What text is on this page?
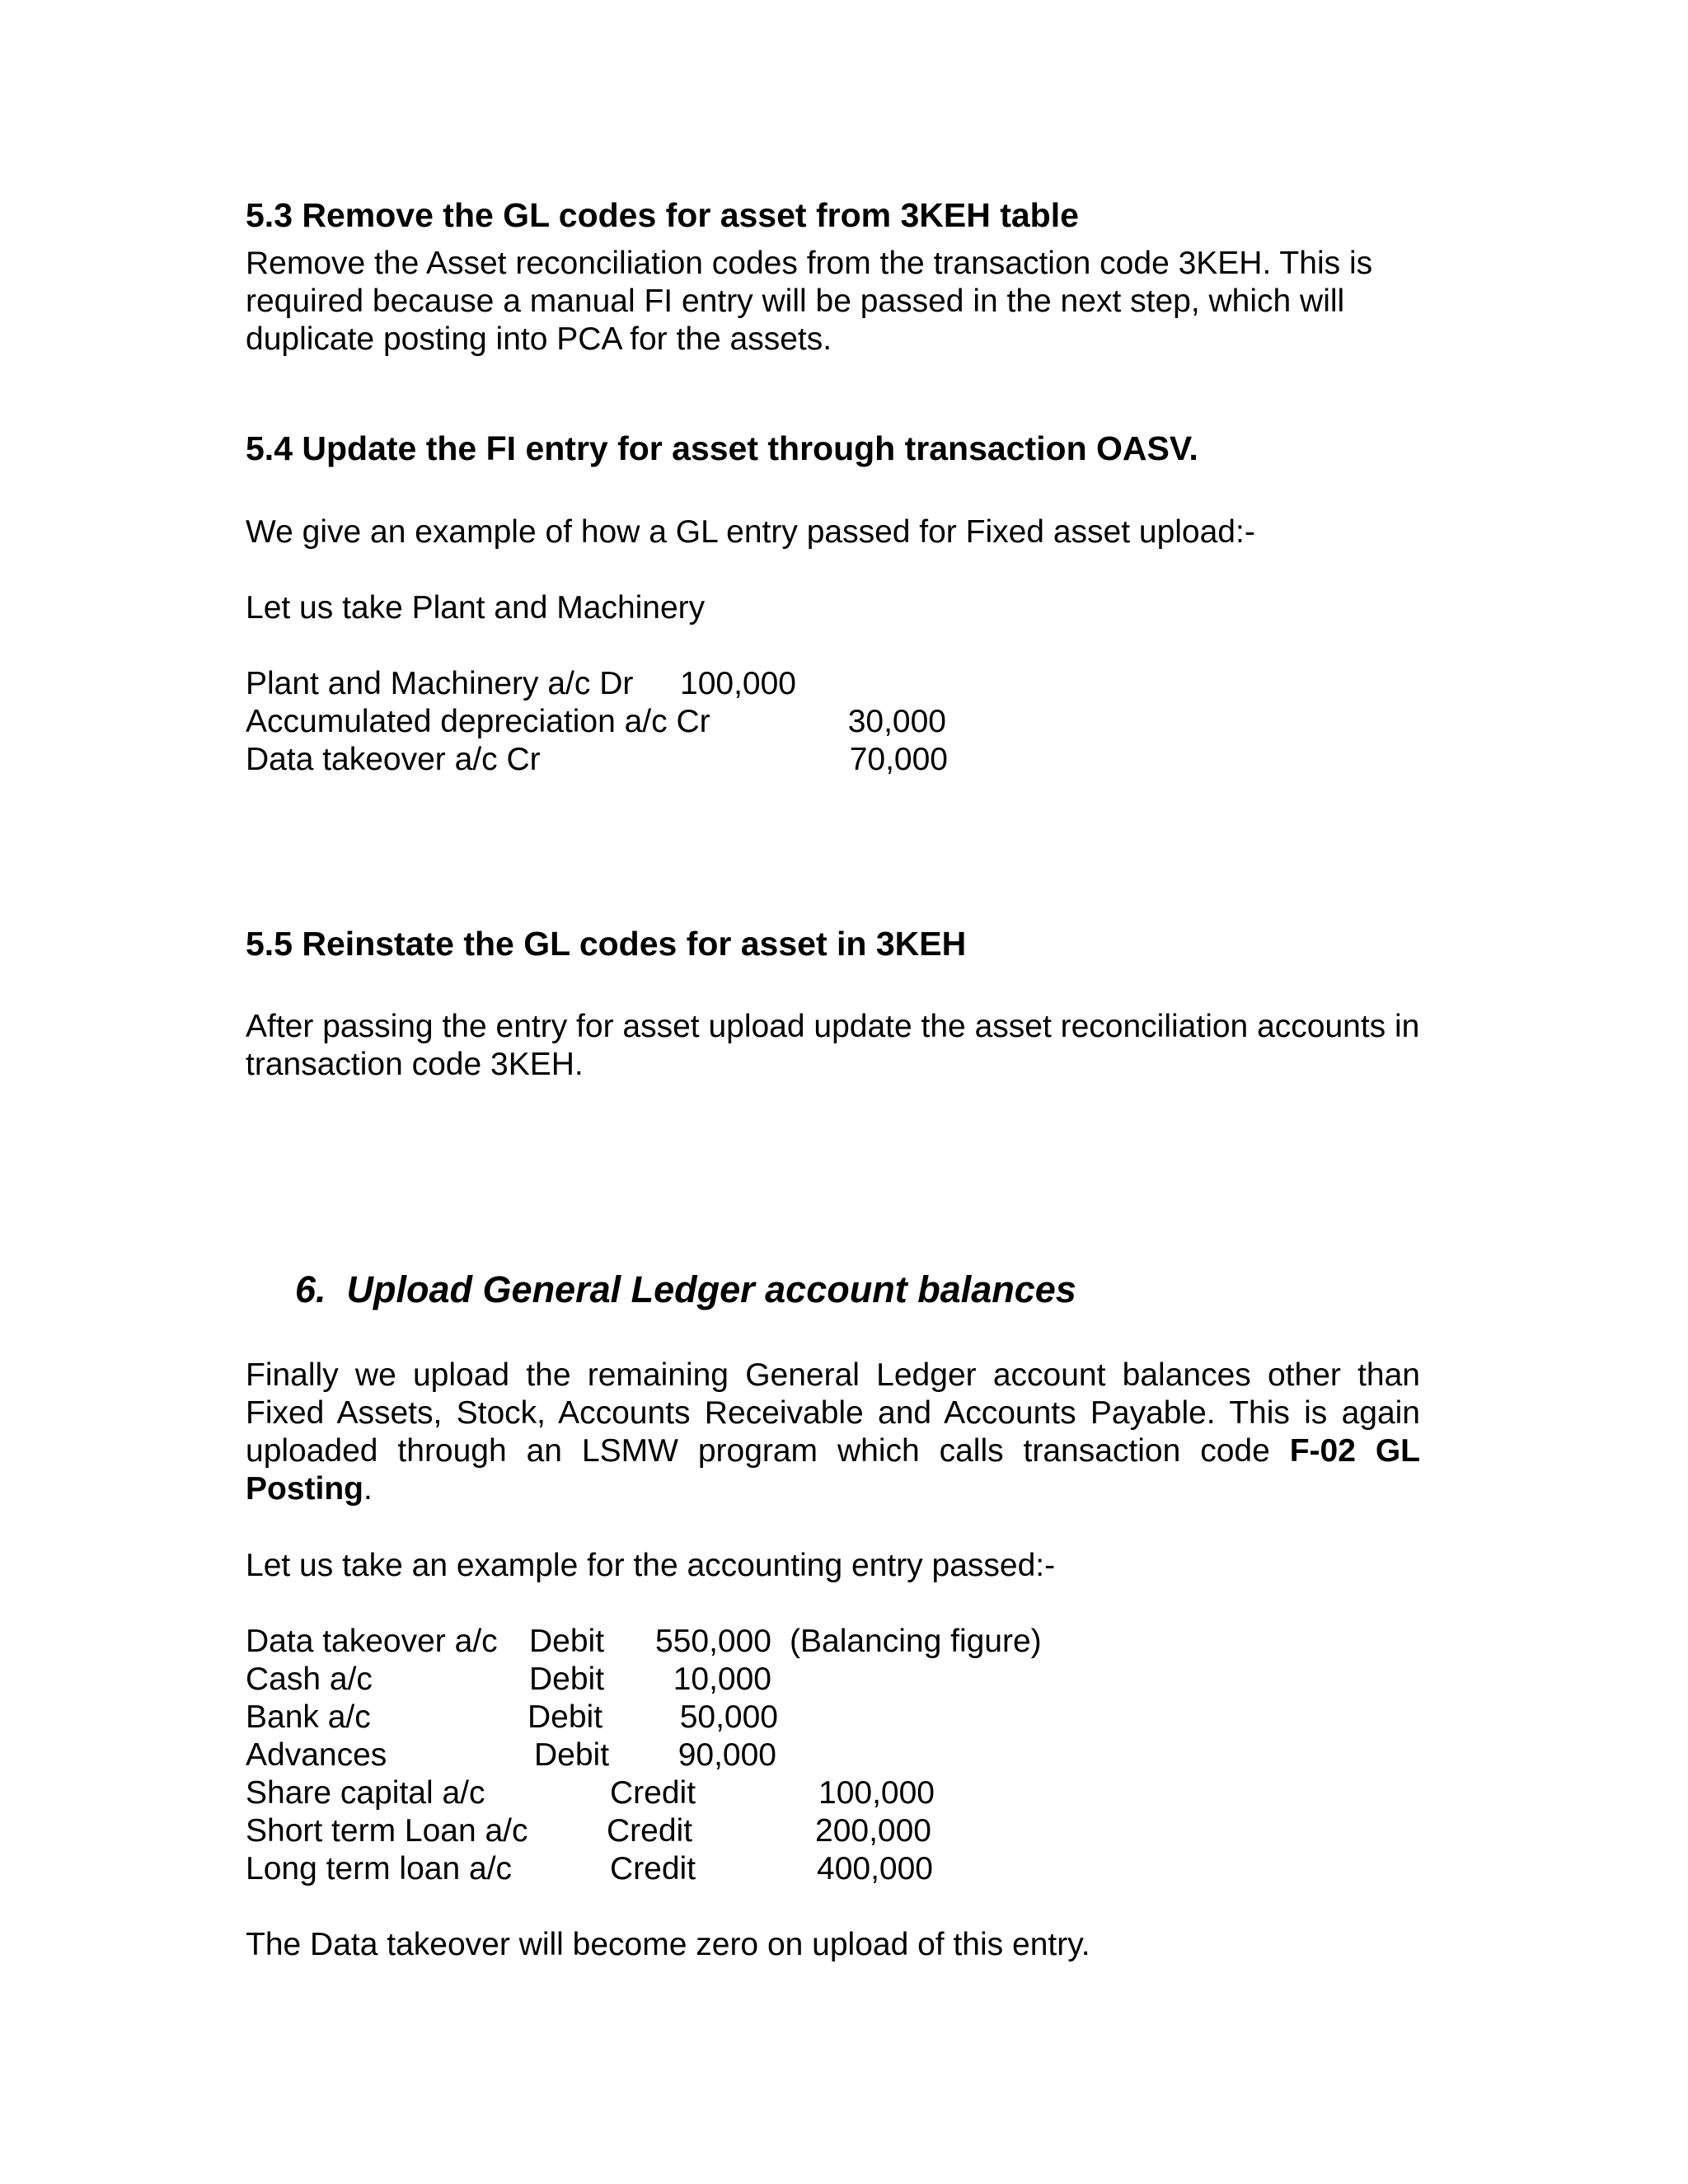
5.3 Remove the GL codes for asset from 3KEH table

Remove the Asset reconciliation codes from the transaction code 3KEH. This is required because a manual FI entry will be passed in the next step, which will duplicate posting into PCA for the assets.

5.4 Update the FI entry for asset through transaction OASV.

We give an example of how a GL entry passed for Fixed asset upload:-

Let us take Plant and Machinery

Plant and Machinery a/c Dr	100,000
Accumulated depreciation a/c Cr	30,000
Data takeover a/c Cr	70,000
5.5 Reinstate the GL codes for asset in 3KEH

After passing the entry for asset upload update the asset reconciliation accounts in transaction code 3KEH.

6. Upload General Ledger account balances

Finally we upload the remaining General Ledger account balances other than Fixed Assets, Stock, Accounts Receivable and Accounts Payable. This is again uploaded through an LSMW program which calls transaction code F-02 GL Posting.

Let us take an example for the accounting entry passed:-

Data takeover a/c Debit	550,000 (Balancing figure)
Cash a/c	Debit	10,000
Bank a/c	Debit	50,000
Advances	Debit	90,000
Share capital a/c	Credit	100,000
Short term Loan a/c Credit	200,000
Long term loan a/c	Credit	400,000

The Data takeover will become zero on upload of this entry.
